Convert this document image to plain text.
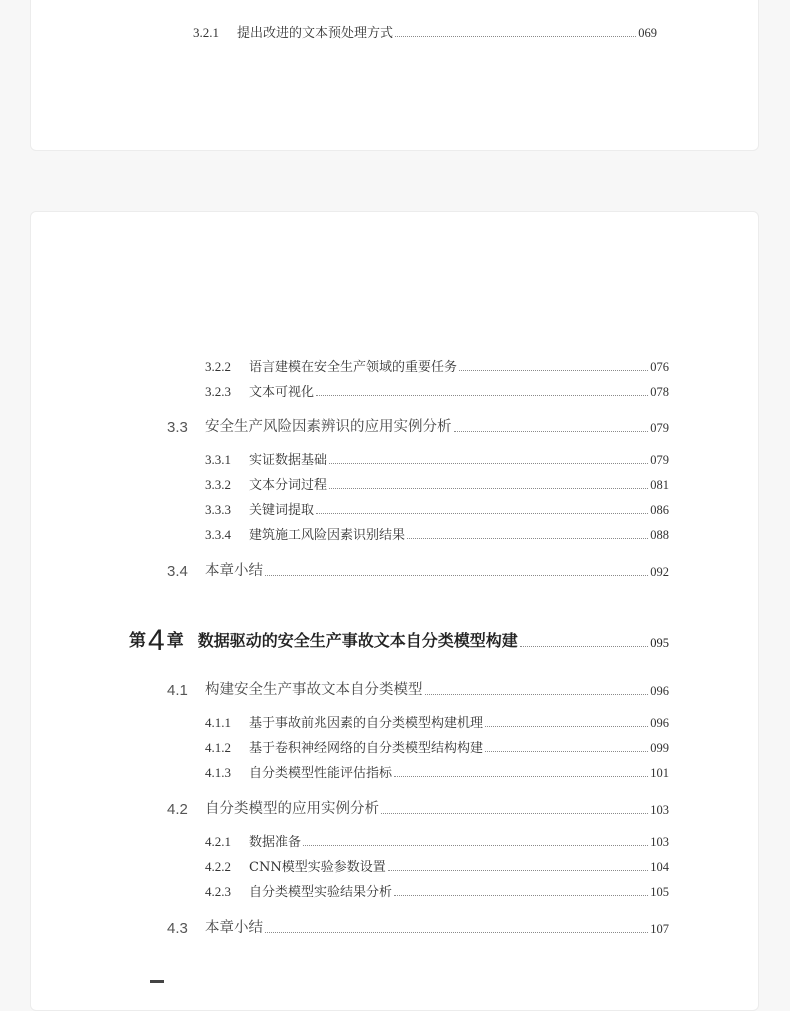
3.2.1	提出改进的文本预处理方式	069
3.2.2	语言建模在安全生产领域的重要任务	076
3.2.3	文本可视化	078
3.3	安全生产风险因素辨识的应用实例分析	079
3.3.1	实证数据基础	079
3.3.2	文本分词过程	081
3.3.3	关键词提取	086
3.3.4	建筑施工风险因素识别结果	088
3.4	本章小结	092
第 4 章 数据驱动的安全生产事故文本自分类模型构建	095
4.1	构建安全生产事故文本自分类模型	096
4.1.1	基于事故前兆因素的自分类模型构建机理	096
4.1.2	基于卷积神经网络的自分类模型结构构建	099
4.1.3	自分类模型性能评估指标	101
4.2	自分类模型的应用实例分析	103
4.2.1	数据准备	103
4.2.2	CNN模型实验参数设置	104
4.2.3	自分类模型实验结果分析	105
4.3	本章小结	107
